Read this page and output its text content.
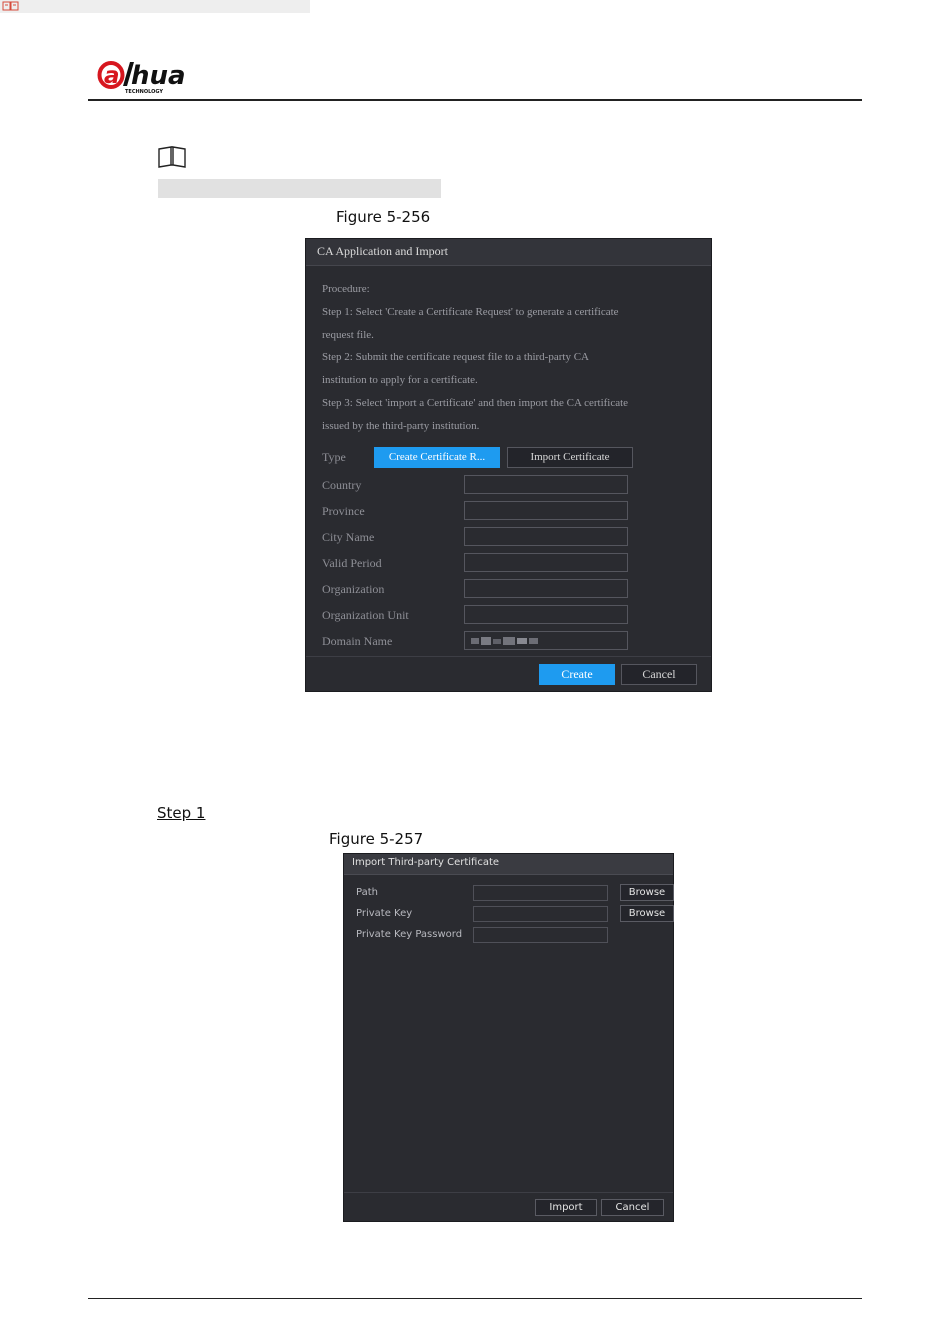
a hua
TECHNOLOGY
Figure 5-256
CA Application and Import
Procedure:
Step 1: Select 'Create a Certificate Request' to generate a certificate
request file.
Step 2: Submit the certificate request file to a third-party CA
institution to apply for a certificate.
Step 3: Select 'import a Certificate' and then import the CA certificate
issued by the third-party institution.
Type	Create Certificate R...	Import Certificate
Country
Province
City Name
Valid Period
Organization
Organization Unit
Domain Name
Create	Cancel
Step 1
Figure 5-257
Import Third-party Certificate
Path	Browse
Private Key	Browse
Private Key Password
Import	Cancel
